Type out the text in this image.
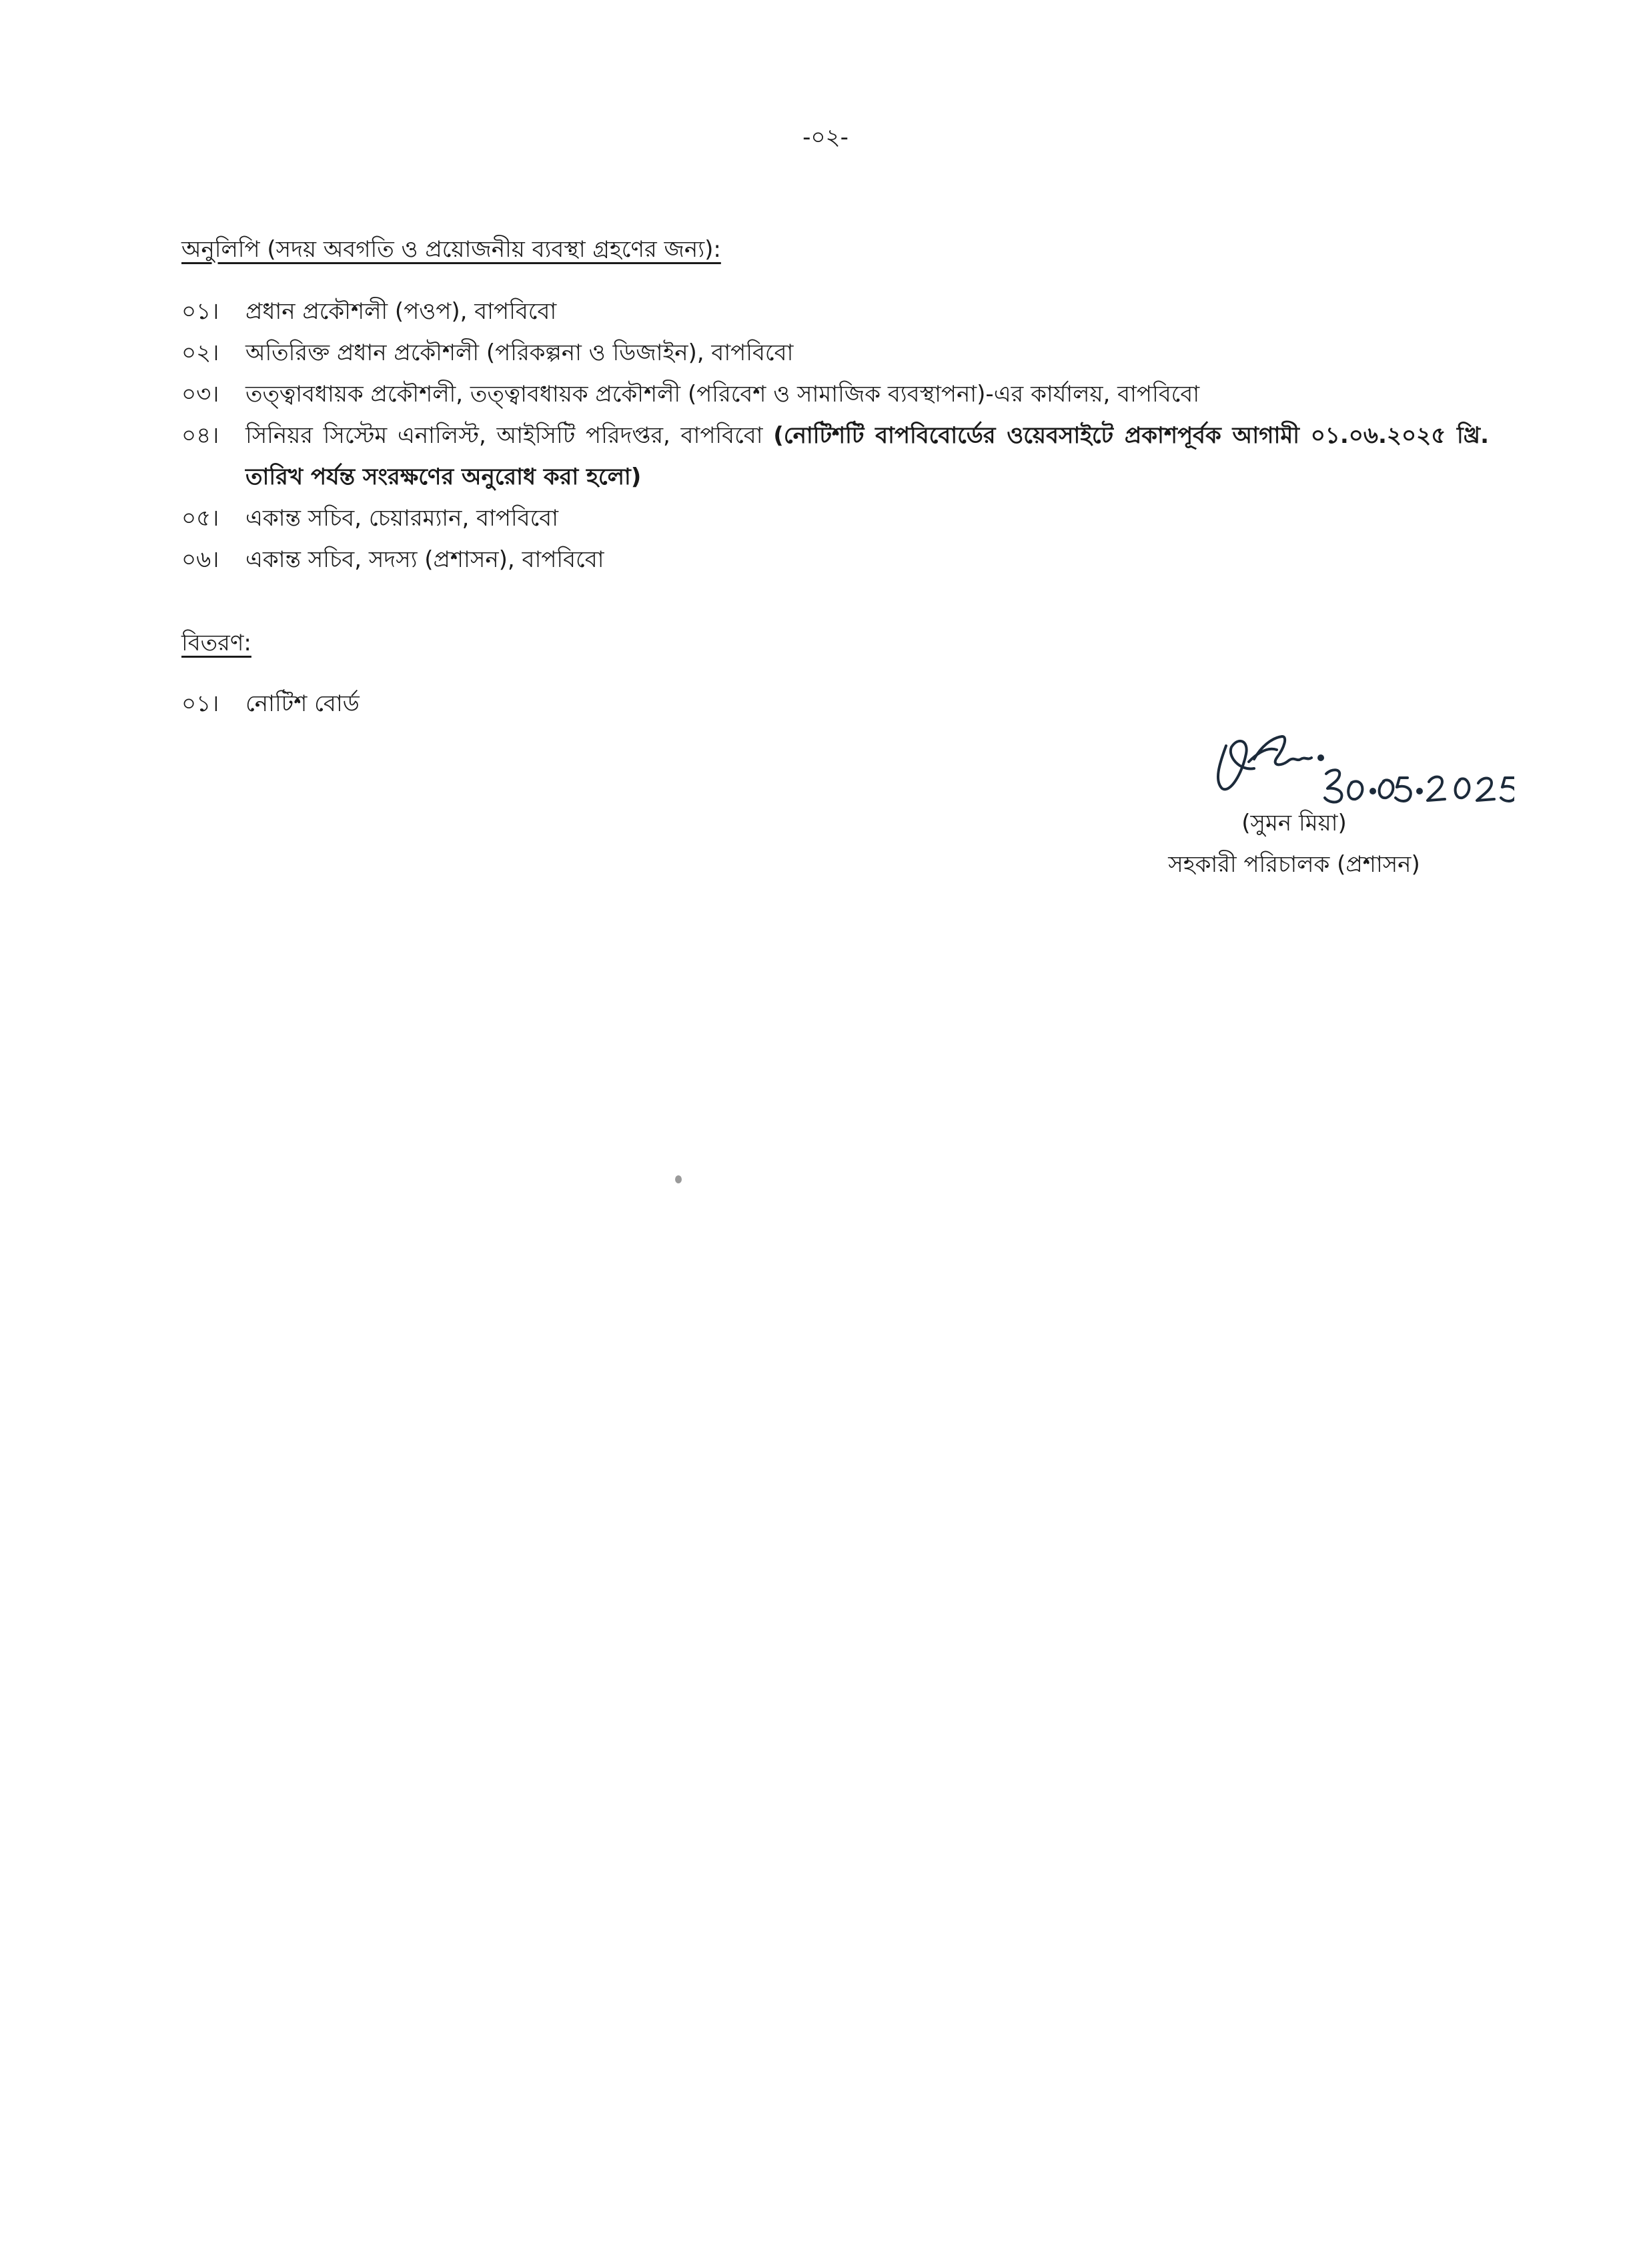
-০২-
অনুলিপি (সদয় অবগতি ও প্রয়োজনীয় ব্যবস্থা গ্রহণের জন্য):
০১।	প্রধান প্রকৌশলী (পওপ), বাপবিবো
০২।	অতিরিক্ত প্রধান প্রকৌশলী (পরিকল্পনা ও ডিজাইন), বাপবিবো
০৩।	তত্ত্বাবধায়ক প্রকৌশলী, তত্ত্বাবধায়ক প্রকৌশলী (পরিবেশ ও সামাজিক ব্যবস্থাপনা)-এর কার্যালয়, বাপবিবো
০৪।	সিনিয়র সিস্টেম এনালিস্ট, আইসিটি পরিদপ্তর, বাপবিবো (নোটিশটি বাপবিবোর্ডের ওয়েবসাইটে প্রকাশপূর্বক আগামী ০১.০৬.২০২৫ খ্রি. তারিখ পর্যন্ত সংরক্ষণের অনুরোধ করা হলো)
০৫।	একান্ত সচিব, চেয়ারম্যান, বাপবিবো
০৬।	একান্ত সচিব, সদস্য (প্রশাসন), বাপবিবো
বিতরণ:
০১।	নোটিশ বোর্ড
(সুমন মিয়া)
সহকারী পরিচালক (প্রশাসন)
